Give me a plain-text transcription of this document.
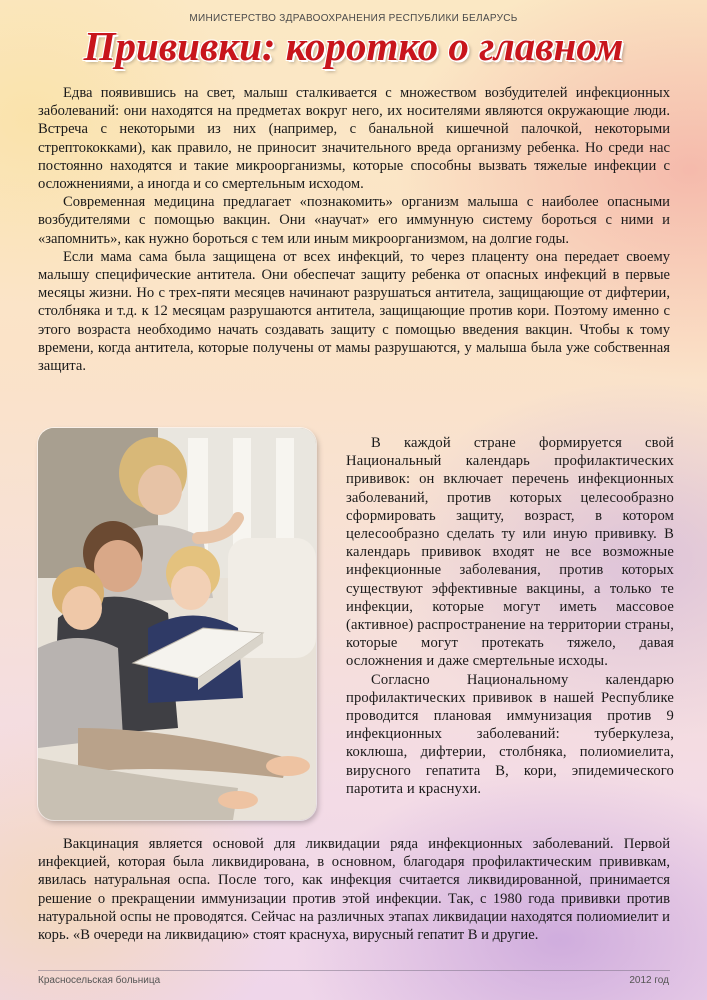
МИНИСТЕРСТВО ЗДРАВООХРАНЕНИЯ РЕСПУБЛИКИ БЕЛАРУСЬ
Прививки: коротко о главном

Едва появившись на свет, малыш сталкивается с множеством возбудителей инфекционных заболеваний: они находятся на предметах вокруг него, их носителями являются окружающие люди. Встреча с некоторыми из них (например, с банальной кишечной палочкой, некоторыми стрептококками), как правило, не приносит значительного вреда организму ребенка. Но среди нас постоянно находятся и такие микроорганизмы, которые способны вызвать тяжелые инфекции с осложнениями, а иногда и со смертельным исходом.

Современная медицина предлагает «познакомить» организм малыша с наиболее опасными возбудителями с помощью вакцин. Они «научат» его иммунную систему бороться с ними и «запомнить», как нужно бороться с тем или иным микроорганизмом, на долгие годы.

Если мама сама была защищена от всех инфекций, то через плаценту она передает своему малышу специфические антитела. Они обеспечат защиту ребенка от опасных инфекций в первые месяцы жизни. Но с трех-пяти месяцев начинают разрушаться антитела, защищающие от дифтерии, столбняка и т.д. к 12 месяцам разрушаются антитела, защищающие против кори. Поэтому именно с этого возраста необходимо начать создавать защиту с помощью введения вакцин. Чтобы к тому времени, когда антитела, которые получены от мамы разрушаются, у малыша была уже собственная защита.

В каждой стране формируется свой Национальный календарь профилактических прививок: он включает перечень инфекционных заболеваний, против которых целесообразно сформировать защиту, возраст, в котором целесообразно сделать ту или иную прививку. В календарь прививок входят не все возможные инфекционные заболевания, против которых существуют эффективные вакцины, а только те инфекции, которые могут иметь массовое (активное) распространение на территории страны, которые могут протекать тяжело, давая осложнения и даже смертельные исходы.

Согласно Национальному календарю профилактических прививок в нашей Республике проводится плановая иммунизация против 9 инфекционных заболеваний: туберкулеза, коклюша, дифтерии, столбняка, полиомиелита, вирусного гепатита В, кори, эпидемического паротита и краснухи.

Вакцинация является основой для ликвидации ряда инфекционных заболеваний. Первой инфекцией, которая была ликвидирована, в основном, благодаря профилактическим прививкам, явилась натуральная оспа. После того, как инфекция считается ликвидированной, принимается решение о прекращении иммунизации против этой инфекции. Так, с 1980 года прививки против натуральной оспы не проводятся. Сейчас на различных этапах ликвидации находятся полиомиелит и корь. «В очереди на ликвидацию» стоят краснуха, вирусный гепатит В и другие.

Красносельская больница	2012 год
